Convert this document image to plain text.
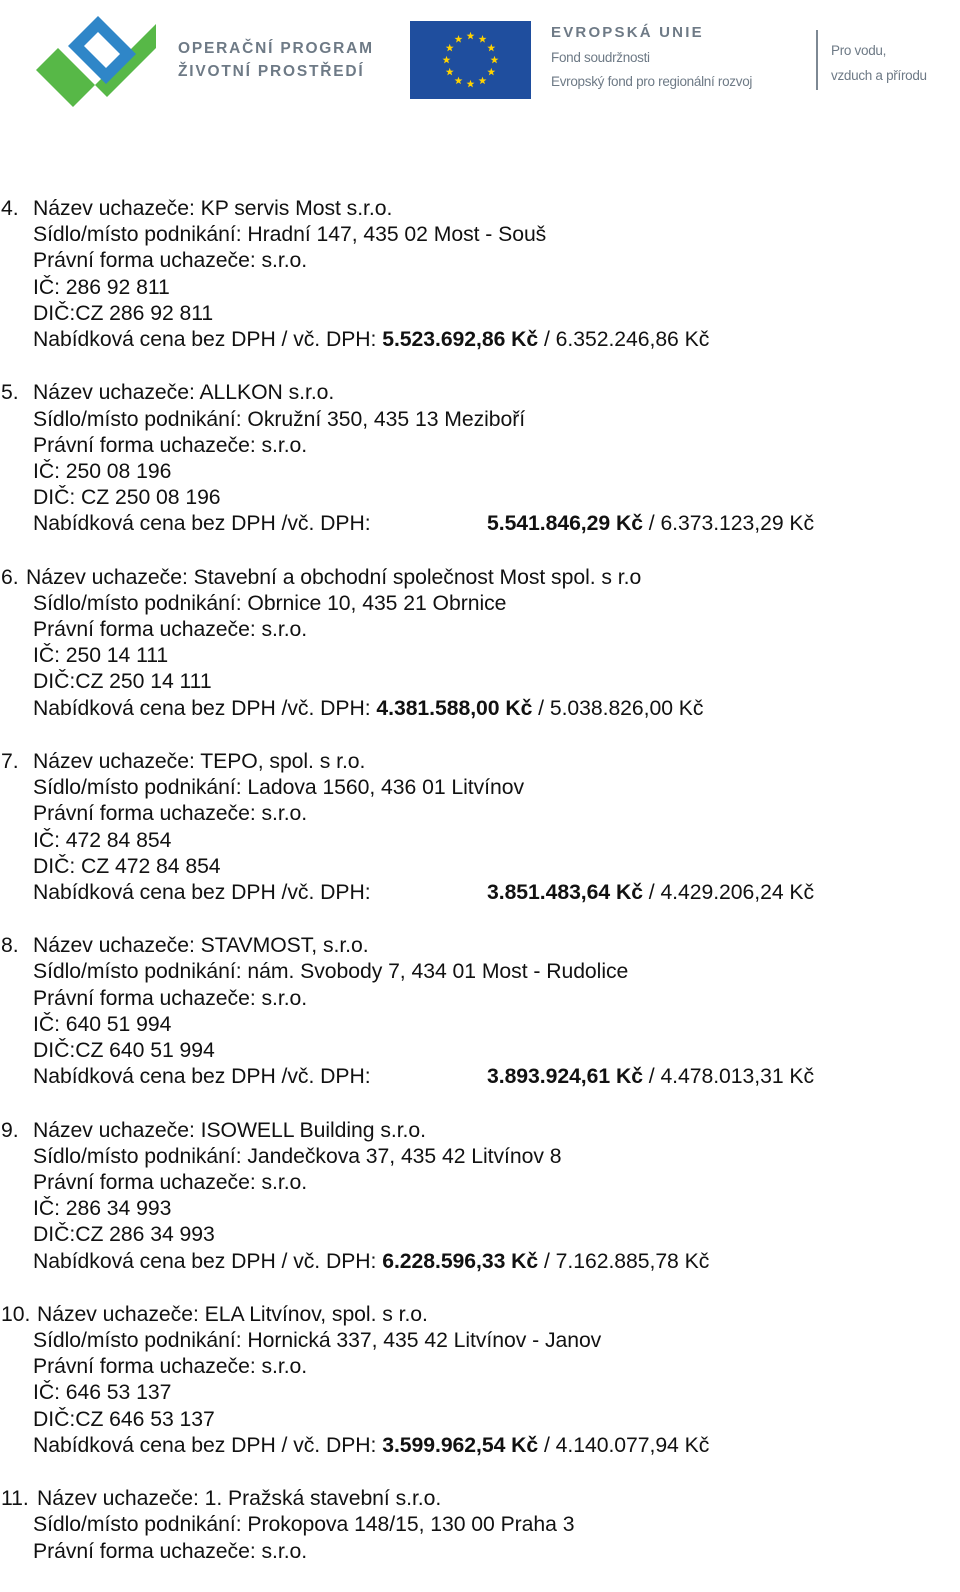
OPERAČNÍ PROGRAM
ŽIVOTNÍ PROSTŘEDÍ
EVROPSKÁ UNIE
Fond soudržnosti
Evropský fond pro regionální rozvoj
Pro vodu,
vzduch a přírodu
4. Název uchazeče: KP servis Most s.r.o.
Sídlo/místo podnikání: Hradní 147, 435 02 Most - Souš
Právní forma uchazeče: s.r.o.
IČ: 286 92 811
DIČ:CZ 286 92 811
Nabídková cena bez DPH / vč. DPH: 5.523.692,86 Kč / 6.352.246,86 Kč
5. Název uchazeče: ALLKON s.r.o.
Sídlo/místo podnikání: Okružní 350, 435 13 Meziboří
Právní forma uchazeče: s.r.o.
IČ: 250 08 196
DIČ: CZ 250 08 196
Nabídková cena bez DPH /vč. DPH:	5.541.846,29 Kč / 6.373.123,29 Kč
6. Název uchazeče: Stavební a obchodní společnost Most spol. s r.o
Sídlo/místo podnikání: Obrnice 10, 435 21 Obrnice
Právní forma uchazeče: s.r.o.
IČ: 250 14 111
DIČ:CZ 250 14 111
Nabídková cena bez DPH /vč. DPH: 4.381.588,00 Kč / 5.038.826,00 Kč
7. Název uchazeče: TEPO, spol. s r.o.
Sídlo/místo podnikání: Ladova 1560, 436 01 Litvínov
Právní forma uchazeče: s.r.o.
IČ: 472 84 854
DIČ: CZ 472 84 854
Nabídková cena bez DPH /vč. DPH:	3.851.483,64 Kč / 4.429.206,24 Kč
8. Název uchazeče: STAVMOST, s.r.o.
Sídlo/místo podnikání: nám. Svobody 7, 434 01 Most - Rudolice
Právní forma uchazeče: s.r.o.
IČ: 640 51 994
DIČ:CZ 640 51 994
Nabídková cena bez DPH /vč. DPH:	3.893.924,61 Kč / 4.478.013,31 Kč
9. Název uchazeče: ISOWELL Building s.r.o.
Sídlo/místo podnikání: Jandečkova 37, 435 42 Litvínov 8
Právní forma uchazeče: s.r.o.
IČ: 286 34 993
DIČ:CZ 286 34 993
Nabídková cena bez DPH / vč. DPH: 6.228.596,33 Kč / 7.162.885,78 Kč
10. Název uchazeče: ELA Litvínov, spol. s r.o.
Sídlo/místo podnikání: Hornická 337, 435 42 Litvínov - Janov
Právní forma uchazeče: s.r.o.
IČ: 646 53 137
DIČ:CZ 646 53 137
Nabídková cena bez DPH / vč. DPH: 3.599.962,54 Kč / 4.140.077,94 Kč
11. Název uchazeče: 1. Pražská stavební s.r.o.
Sídlo/místo podnikání: Prokopova 148/15, 130 00 Praha 3
Právní forma uchazeče: s.r.o.
